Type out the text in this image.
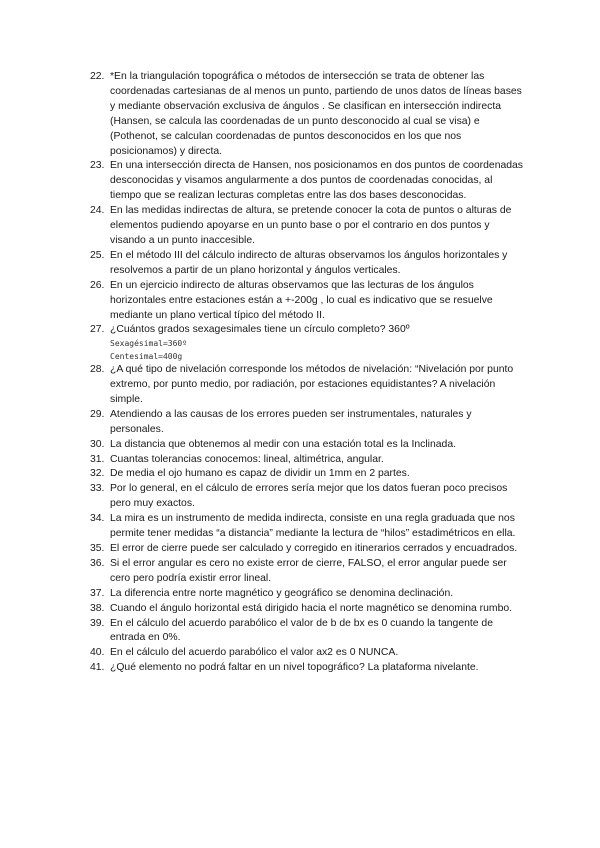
22. *En la triangulación topográfica o métodos de intersección se trata de obtener las coordenadas cartesianas de al menos un punto, partiendo de unos datos de líneas bases y mediante observación exclusiva de ángulos . Se clasifican en intersección indirecta (Hansen, se calcula las coordenadas de un punto desconocido al cual se visa) e (Pothenot, se calculan coordenadas de puntos desconocidos en los que nos posicionamos) y directa.
23. En una intersección directa de Hansen, nos posicionamos en dos puntos de coordenadas desconocidas y visamos angularmente a dos puntos de coordenadas conocidas, al tiempo que se realizan lecturas completas entre las dos bases desconocidas.
24. En las medidas indirectas de altura, se pretende conocer la cota de puntos o alturas de elementos pudiendo apoyarse en un punto base o por el contrario en dos puntos y visando a un punto inaccesible.
25. En el método III del cálculo indirecto de alturas observamos los ángulos horizontales y resolvemos a partir de un plano horizontal y ángulos verticales.
26. En un ejercicio indirecto de alturas observamos que las lecturas de los ángulos horizontales entre estaciones están a +-200g , lo cual es indicativo que se resuelve mediante un plano vertical típico del método II.
27. ¿Cuántos grados sexagesimales tiene un círculo completo? 360º
Sexagésimal=360º
Centesimal=400g
28. ¿A qué tipo de nivelación corresponde los métodos de nivelación: “Nivelación por punto extremo, por punto medio, por radiación, por estaciones equidistantes? A nivelación simple.
29. Atendiendo a las causas de los errores pueden ser instrumentales, naturales y personales.
30. La distancia que obtenemos al medir con una estación total es la Inclinada.
31. Cuantas tolerancias conocemos: lineal, altimétrica, angular.
32. De media el ojo humano es capaz de dividir un 1mm en 2 partes.
33. Por lo general, en el cálculo de errores sería mejor que los datos fueran poco precisos pero muy exactos.
34. La mira es un instrumento de medida indirecta, consiste en una regla graduada que nos permite tener medidas “a distancia” mediante la lectura de “hilos” estadimétricos en ella.
35. El error de cierre puede ser calculado y corregido en itinerarios cerrados y encuadrados.
36. Si el error angular es cero no existe error de cierre, FALSO, el error angular puede ser cero pero podría existir error lineal.
37. La diferencia entre norte magnético y geográfico se denomina declinación.
38. Cuando el ángulo horizontal está dirigido hacia el norte magnético se denomina rumbo.
39. En el cálculo del acuerdo parabólico el valor de b de bx es 0 cuando la tangente de entrada en 0%.
40. En el cálculo del acuerdo parabólico el valor ax2 es 0 NUNCA.
41. ¿Qué elemento no podrá faltar en un nivel topográfico? La plataforma nivelante.
